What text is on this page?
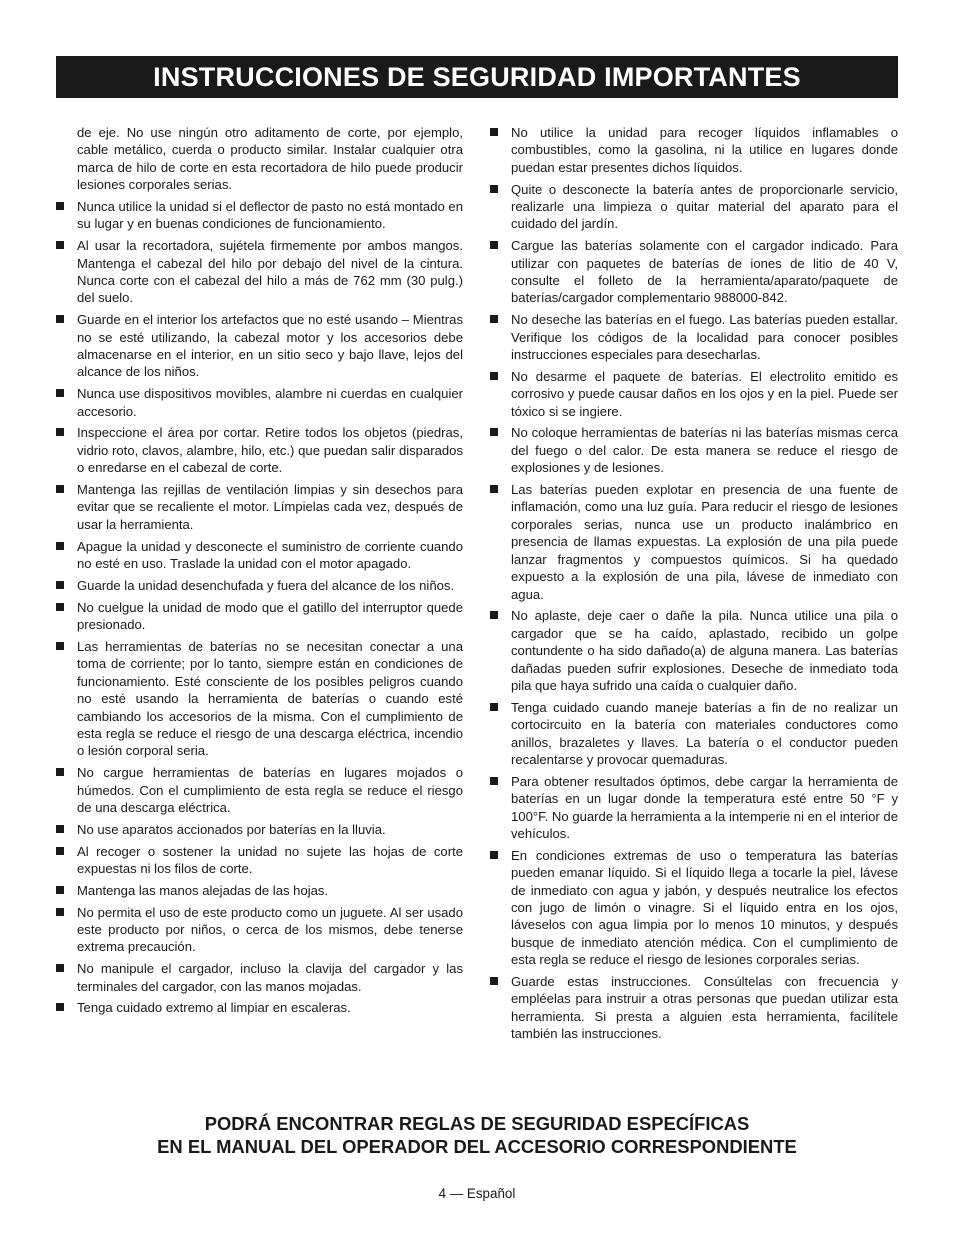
INSTRUCCIONES DE SEGURIDAD IMPORTANTES
de eje. No use ningún otro aditamento de corte, por ejemplo, cable metálico, cuerda o producto similar. Instalar cualquier otra marca de hilo de corte en esta recortadora de hilo puede producir lesiones corporales serias.
Nunca utilice la unidad si el deflector de pasto no está montado en su lugar y en buenas condiciones de funcionamiento.
Al usar la recortadora, sujétela firmemente por ambos mangos. Mantenga el cabezal del hilo por debajo del nivel de la cintura. Nunca corte con el cabezal del hilo a más de 762 mm (30 pulg.) del suelo.
Guarde en el interior los artefactos que no esté usando – Mientras no se esté utilizando, la cabezal motor y los accesorios debe almacenarse en el interior, en un sitio seco y bajo llave, lejos del alcance de los niños.
Nunca use dispositivos movibles, alambre ni cuerdas en cualquier accesorio.
Inspeccione el área por cortar. Retire todos los objetos (piedras, vidrio roto, clavos, alambre, hilo, etc.) que puedan salir disparados o enredarse en el cabezal de corte.
Mantenga las rejillas de ventilación limpias y sin desechos para evitar que se recaliente el motor. Límpielas cada vez, después de usar la herramienta.
Apague la unidad y desconecte el suministro de corriente cuando no esté en uso. Traslade la unidad con el motor apagado.
Guarde la unidad desenchufada y fuera del alcance de los niños.
No cuelgue la unidad de modo que el gatillo del interruptor quede presionado.
Las herramientas de baterías no se necesitan conectar a una toma de corriente; por lo tanto, siempre están en condiciones de funcionamiento. Esté consciente de los posibles peligros cuando no esté usando la herramienta de baterías o cuando esté cambiando los accesorios de la misma. Con el cumplimiento de esta regla se reduce el riesgo de una descarga eléctrica, incendio o lesión corporal seria.
No cargue herramientas de baterías en lugares mojados o húmedos. Con el cumplimiento de esta regla se reduce el riesgo de una descarga eléctrica.
No use aparatos accionados por baterías en la lluvia.
Al recoger o sostener la unidad no sujete las hojas de corte expuestas ni los filos de corte.
Mantenga las manos alejadas de las hojas.
No permita el uso de este producto como un juguete. Al ser usado este producto por niños, o cerca de los mismos, debe tenerse extrema precaución.
No manipule el cargador, incluso la clavija del cargador y las terminales del cargador, con las manos mojadas.
Tenga cuidado extremo al limpiar en escaleras.
No utilice la unidad para recoger líquidos inflamables o combustibles, como la gasolina, ni la utilice en lugares donde puedan estar presentes dichos líquidos.
Quite o desconecte la batería antes de proporcionarle servicio, realizarle una limpieza o quitar material del aparato para el cuidado del jardín.
Cargue las baterías solamente con el cargador indicado. Para utilizar con paquetes de baterías de iones de litio de 40 V, consulte el folleto de la herramienta/aparato/paquete de baterías/cargador complementario 988000-842.
No deseche las baterías en el fuego. Las baterías pueden estallar. Verifique los códigos de la localidad para conocer posibles instrucciones especiales para desecharlas.
No desarme el paquete de baterías. El electrolito emitido es corrosivo y puede causar daños en los ojos y en la piel. Puede ser tóxico si se ingiere.
No coloque herramientas de baterías ni las baterías mismas cerca del fuego o del calor. De esta manera se reduce el riesgo de explosiones y de lesiones.
Las baterías pueden explotar en presencia de una fuente de inflamación, como una luz guía. Para reducir el riesgo de lesiones corporales serias, nunca use un producto inalámbrico en presencia de llamas expuestas. La explosión de una pila puede lanzar fragmentos y compuestos químicos. Si ha quedado expuesto a la explosión de una pila, lávese de inmediato con agua.
No aplaste, deje caer o dañe la pila. Nunca utilice una pila o cargador que se ha caído, aplastado, recibido un golpe contundente o ha sido dañado(a) de alguna manera. Las baterías dañadas pueden sufrir explosiones. Deseche de inmediato toda pila que haya sufrido una caída o cualquier daño.
Tenga cuidado cuando maneje baterías a fin de no realizar un cortocircuito en la batería con materiales conductores como anillos, brazaletes y llaves. La batería o el conductor pueden recalentarse y provocar quemaduras.
Para obtener resultados óptimos, debe cargar la herramienta de baterías en un lugar donde la temperatura esté entre 50 °F y 100°F. No guarde la herramienta a la intemperie ni en el interior de vehículos.
En condiciones extremas de uso o temperatura las baterías pueden emanar líquido. Si el líquido llega a tocarle la piel, lávese de inmediato con agua y jabón, y después neutralice los efectos con jugo de limón o vinagre. Si el líquido entra en los ojos, láveselos con agua limpia por lo menos 10 minutos, y después busque de inmediato atención médica. Con el cumplimiento de esta regla se reduce el riesgo de lesiones corporales serias.
Guarde estas instrucciones. Consúltelas con frecuencia y empléelas para instruir a otras personas que puedan utilizar esta herramienta. Si presta a alguien esta herramienta, facilítele también las instrucciones.
PODRÁ ENCONTRAR REGLAS DE SEGURIDAD ESPECÍFICAS
EN EL MANUAL DEL OPERADOR DEL ACCESORIO CORRESPONDIENTE
4 — Español
